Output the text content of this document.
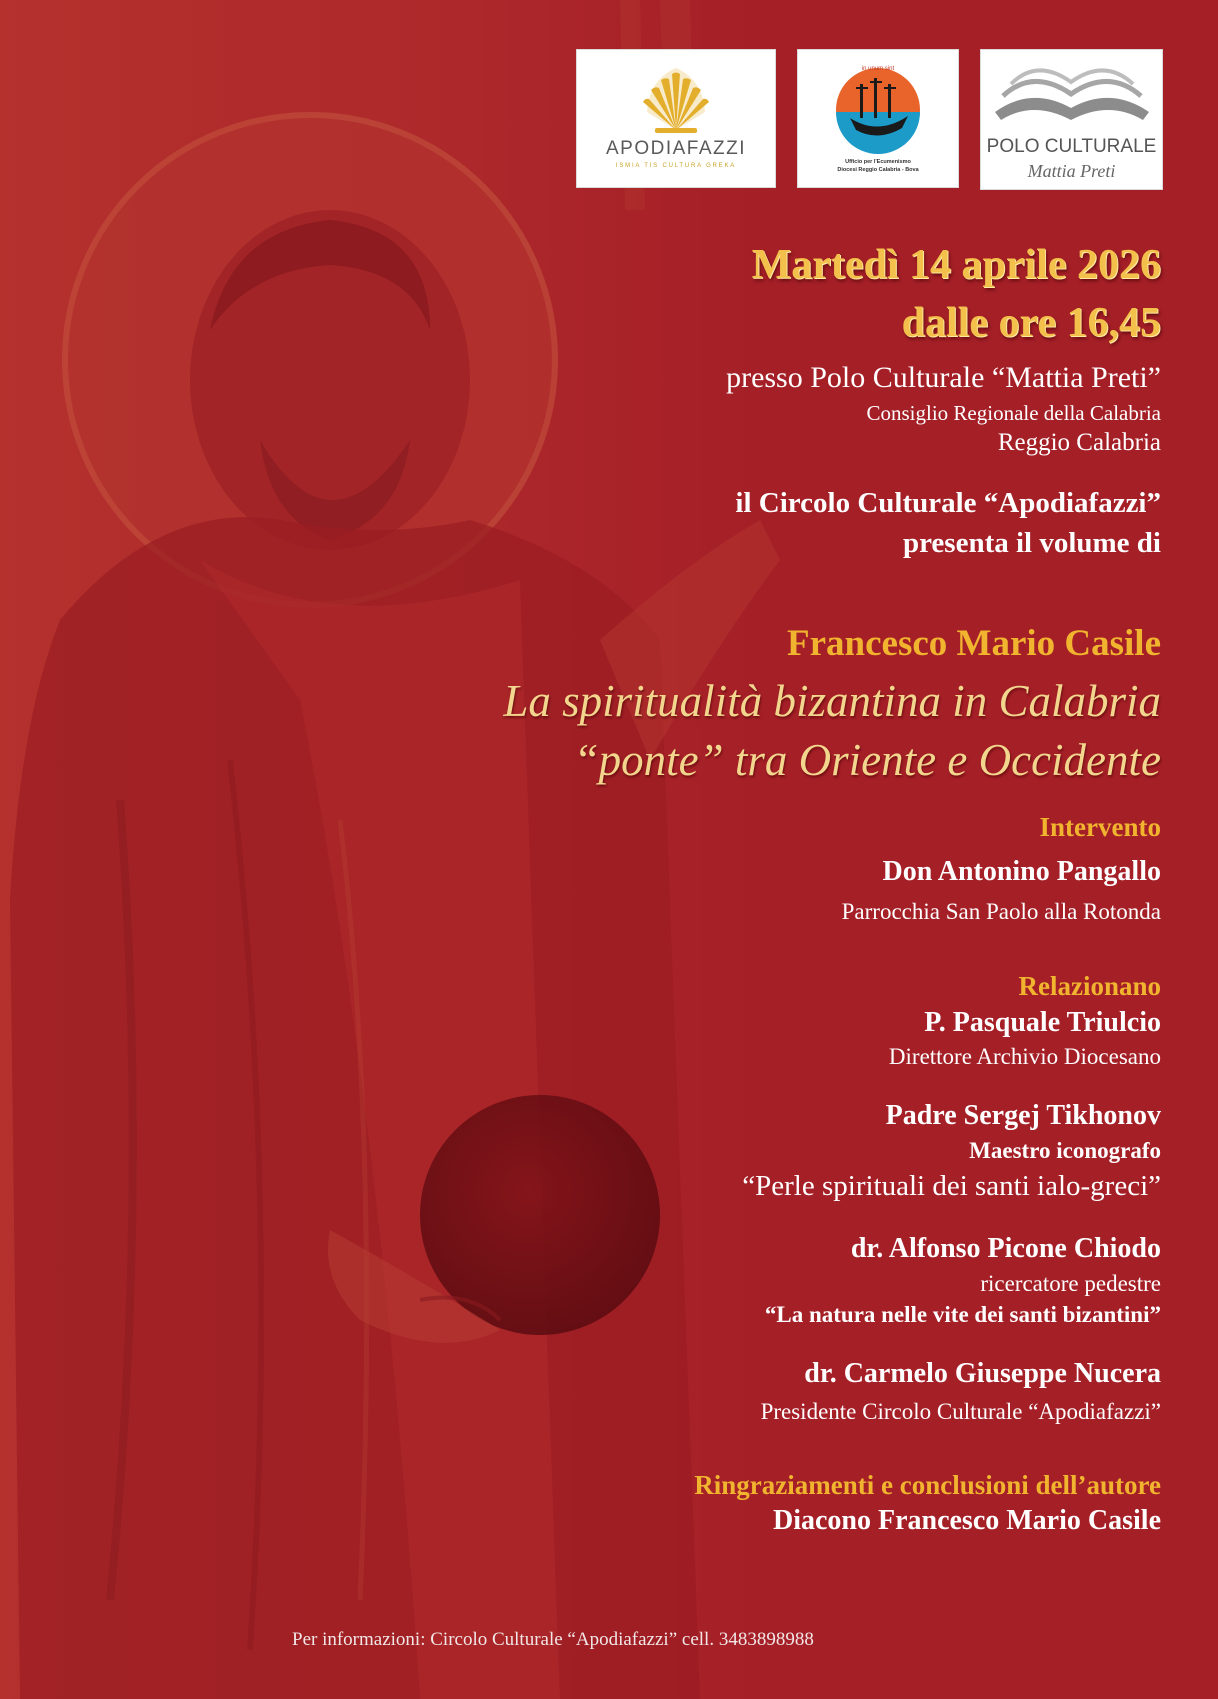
APODIAFAZZI
ISMIA TIS CULTURA GREKA
in unum sint
Ufficio per l'Ecumenismo
Diocesi Reggio Calabria - Bova
POLO CULTURALE
Mattia Preti
Martedì 14 aprile 2026
dalle ore 16,45
presso Polo Culturale “Mattia Preti”
Consiglio Regionale della Calabria
Reggio Calabria
il Circolo Culturale “Apodiafazzi”
presenta il volume di
Francesco Mario Casile
La spiritualità bizantina in Calabria
“ponte” tra Oriente e Occidente
Intervento
Don Antonino Pangallo
Parrocchia San Paolo alla Rotonda
Relazionano
P. Pasquale Triulcio
Direttore Archivio Diocesano
Padre Sergej Tikhonov
Maestro iconografo
“Perle spirituali dei santi ialo-greci”
dr. Alfonso Picone Chiodo
ricercatore pedestre
“La natura nelle vite dei santi bizantini”
dr. Carmelo Giuseppe Nucera
Presidente Circolo Culturale “Apodiafazzi”
Ringraziamenti e conclusioni dell’autore
Diacono Francesco Mario Casile
Per informazioni: Circolo Culturale “Apodiafazzi” cell. 3483898988
